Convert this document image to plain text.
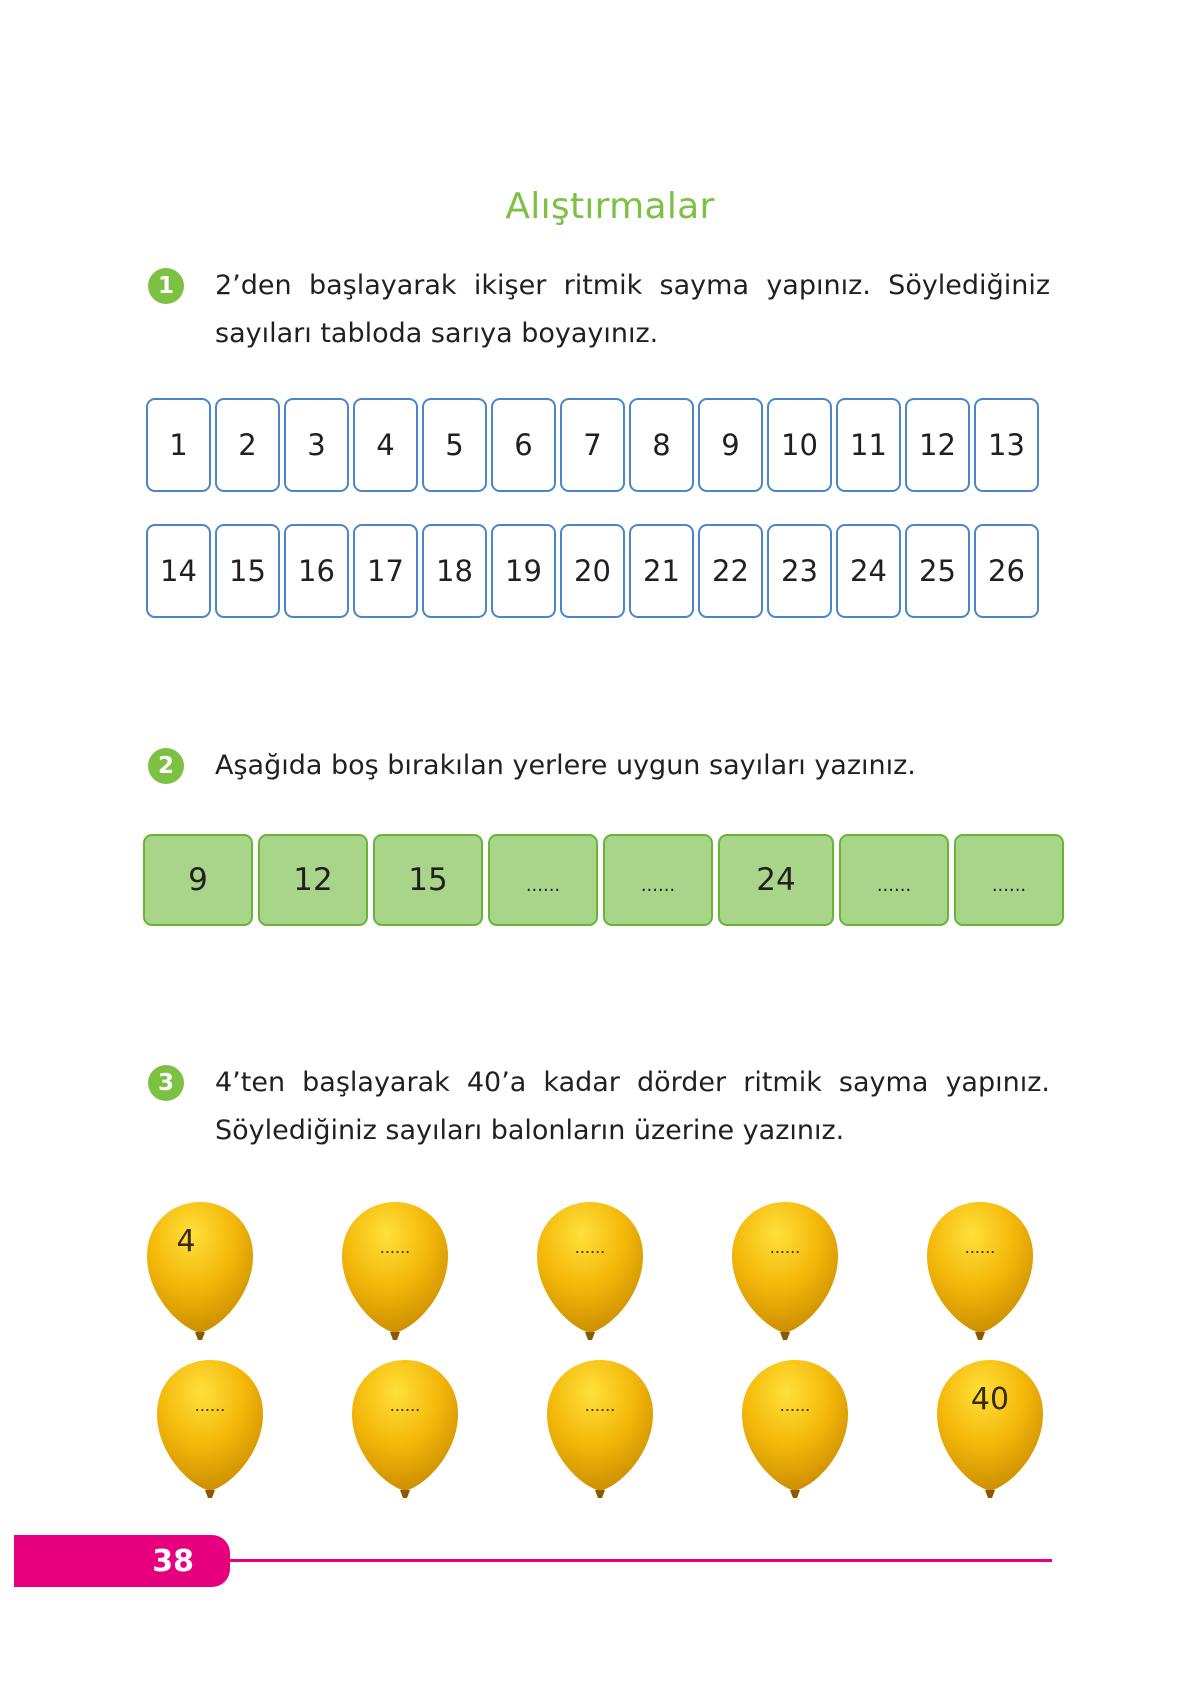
Alıştırmalar
1	2’den başlayarak ikişer ritmik sayma yapınız. Söylediğiniz sayıları tabloda sarıya boyayınız.
1	2	3	4	5	6	7	8	9	10	11	12	13
14	15	16	17	18	19	20	21	22	23	24	25	26
2	Aşağıda boş bırakılan yerlere uygun sayıları yazınız.
9	12	15	......	......	24	......	......
3	4’ten başlayarak 40’a kadar dörder ritmik sayma yapınız. Söylediğiniz sayıları balonların üzerine yazınız.
4	......	......	......	......
......	......	......	......	40
38
